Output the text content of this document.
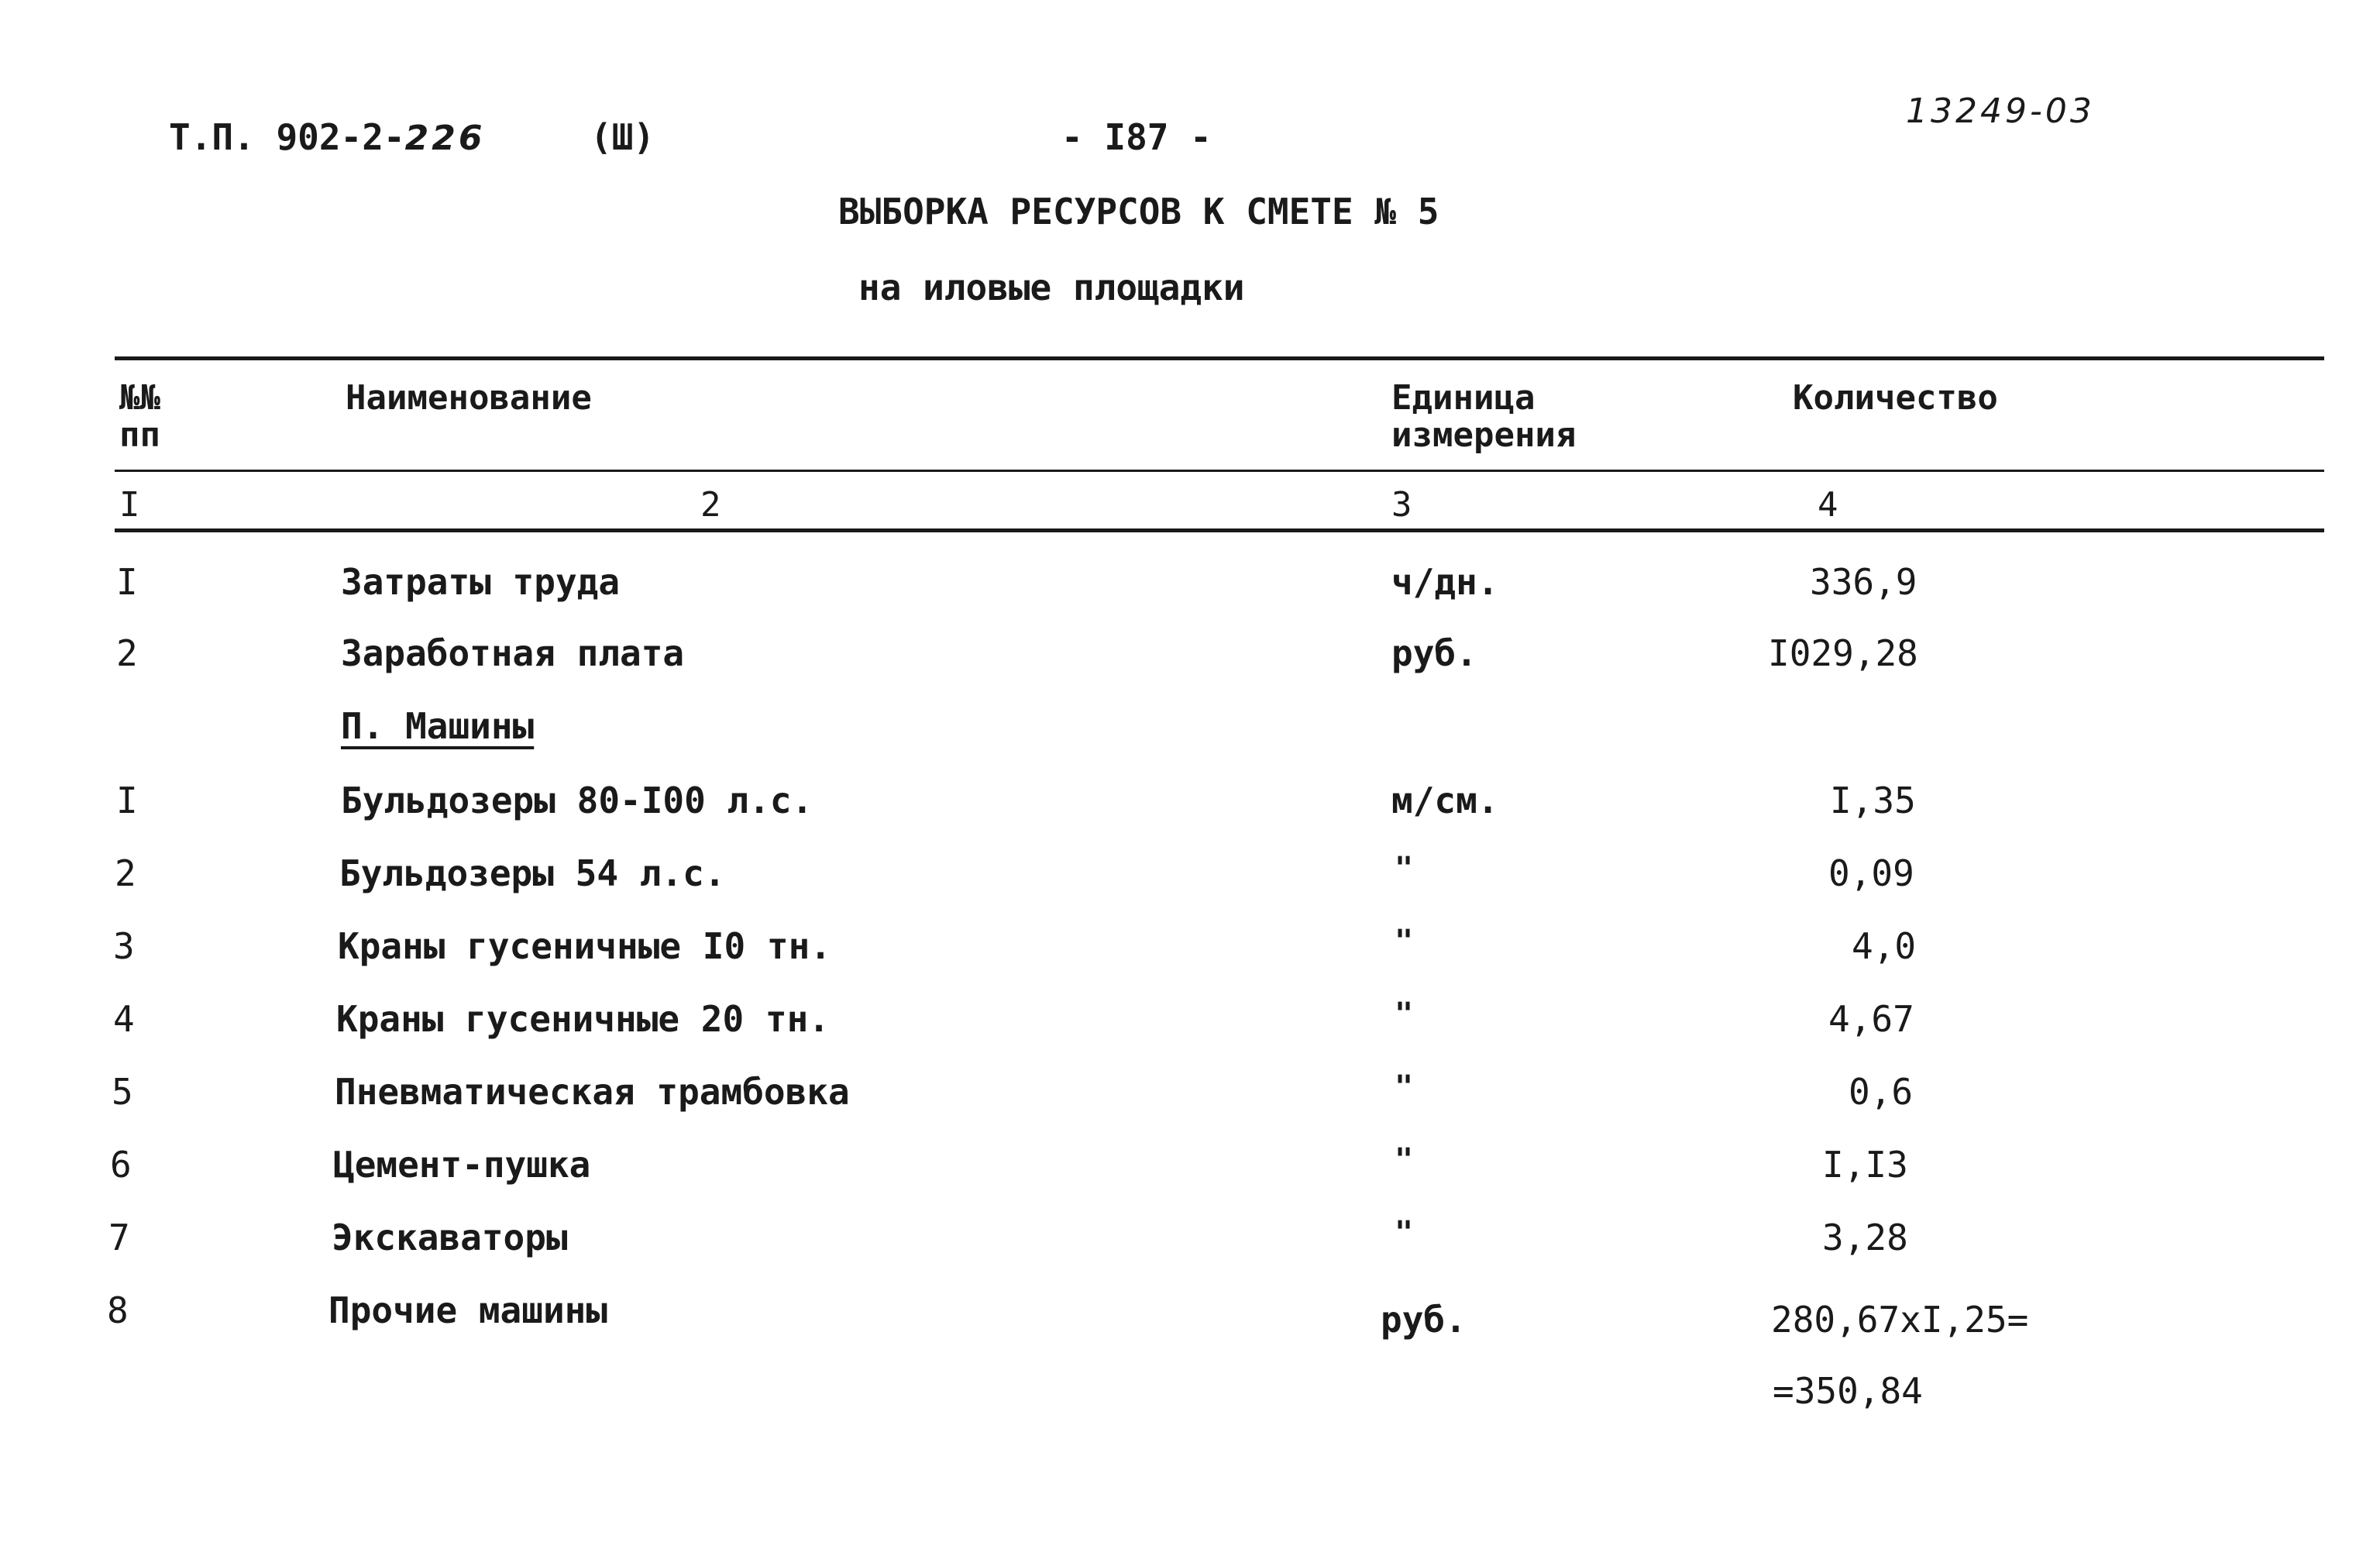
Т.П. 902-2-226	(Ш)	- I87 -
13249-03
ВЫБОРКА РЕСУРСОВ К СМЕТЕ № 5
на иловые площадки
№№
пп
Наименование	Единица
измерения
Количество
I	2	3	4
I	Затраты труда	ч/дн.	336,9
2	Заработная плата	руб.	I029,28
П. Машины
I	Бульдозеры 80-I00 л.с.	м/см.	I,35
2	Бульдозеры 54 л.с.	"	0,09
3	Краны гусеничные I0 тн.	"	4,0
4	Краны гусеничные 20 тн.	"	4,67
5	Пневматическая трамбовка	"	0,6
6	Цемент-пушка	"	I,I3
7	Экскаваторы	"	3,28
8	Прочие машины	руб.	280,67хI,25=
=350,84
